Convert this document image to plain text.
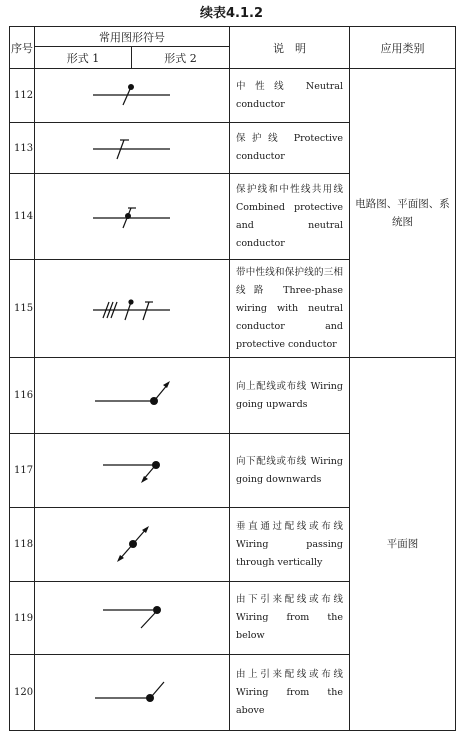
续表4.1.2
序号	常用图形符号		说　明	应用类别
	形式 1	形式 2		
112			中性线 Neutral conductor	电路图、平面图、系统图
113			保护线 Protective conductor	
114			保护线和中性线共用线 Combined protective and neutral conductor	
115			带中性线和保护线的三相线路 Three-phase wiring with neutral conductor and protective conductor	
116			向上配线或布线 Wiring going upwards	平面图
117			向下配线或布线 Wiring going downwards	
118			垂直通过配线或布线 Wiring passing through vertically	
119			由下引来配线或布线 Wiring from the below	
120			由上引来配线或布线 Wiring from the above	
